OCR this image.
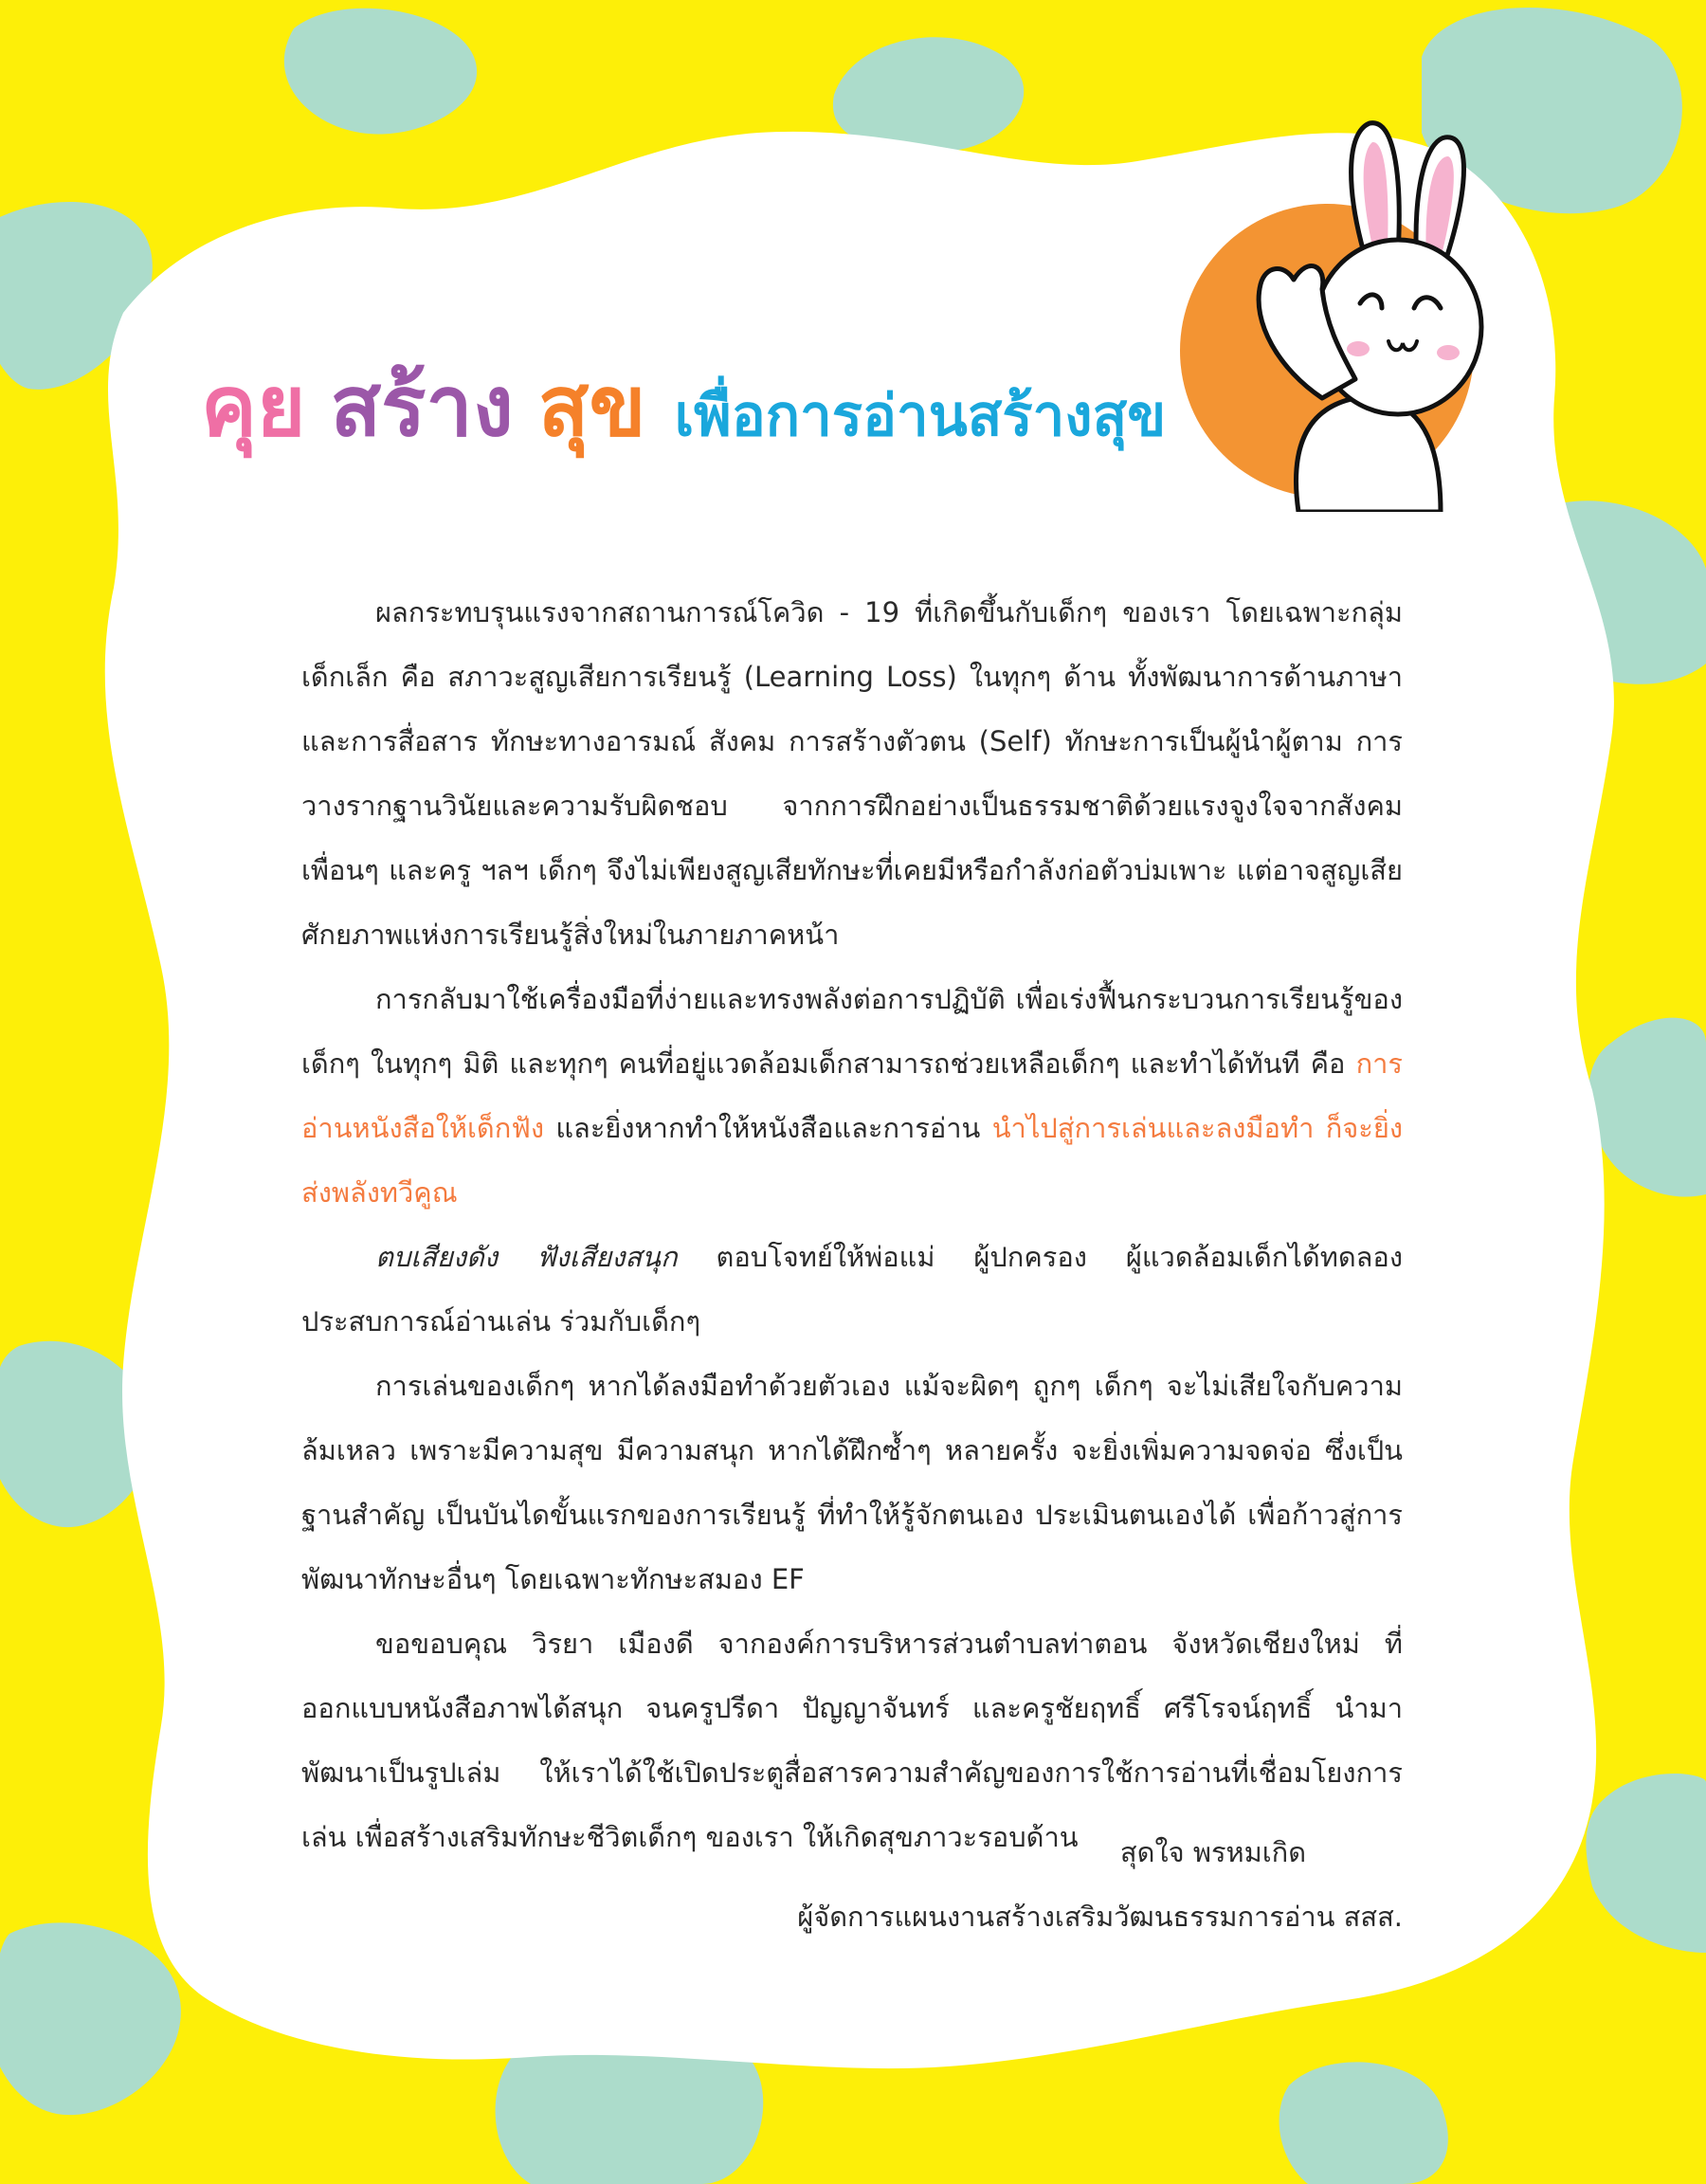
คุย สร้าง สุข เพื่อการอ่านสร้างสุข

ผลกระทบรุนแรงจากสถานการณ์โควิด - 19 ที่เกิดขึ้นกับเด็กๆ ของเรา โดยเฉพาะกลุ่มเด็กเล็ก คือ สภาวะสูญเสียการเรียนรู้ (Learning Loss) ในทุกๆ ด้าน ทั้งพัฒนาการด้านภาษาและการสื่อสาร ทักษะทางอารมณ์ สังคม การสร้างตัวตน (Self) ทักษะการเป็นผู้นำผู้ตาม การวางรากฐานวินัยและความรับผิดชอบ จากการฝึกอย่างเป็นธรรมชาติด้วยแรงจูงใจจากสังคม เพื่อนๆ และครู ฯลฯ เด็กๆ จึงไม่เพียงสูญเสียทักษะที่เคยมีหรือกำลังก่อตัวบ่มเพาะ แต่อาจสูญเสียศักยภาพแห่งการเรียนรู้สิ่งใหม่ในภายภาคหน้า

การกลับมาใช้เครื่องมือที่ง่ายและทรงพลังต่อการปฏิบัติ เพื่อเร่งฟื้นกระบวนการเรียนรู้ของเด็กๆ ในทุกๆ มิติ และทุกๆ คนที่อยู่แวดล้อมเด็กสามารถช่วยเหลือเด็กๆ และทำได้ทันที คือ การอ่านหนังสือให้เด็กฟัง และยิ่งหากทำให้หนังสือและการอ่าน นำไปสู่การเล่นและลงมือทำ ก็จะยิ่งส่งพลังทวีคูณ

ตบเสียงดัง ฟังเสียงสนุก ตอบโจทย์ให้พ่อแม่ ผู้ปกครอง ผู้แวดล้อมเด็กได้ทดลองประสบการณ์อ่านเล่น ร่วมกับเด็กๆ

การเล่นของเด็กๆ หากได้ลงมือทำด้วยตัวเอง แม้จะผิดๆ ถูกๆ เด็กๆ จะไม่เสียใจกับความล้มเหลว เพราะมีความสุข มีความสนุก หากได้ฝึกซ้ำๆ หลายครั้ง จะยิ่งเพิ่มความจดจ่อ ซึ่งเป็นฐานสำคัญ เป็นบันไดขั้นแรกของการเรียนรู้ ที่ทำให้รู้จักตนเอง ประเมินตนเองได้ เพื่อก้าวสู่การพัฒนาทักษะอื่นๆ โดยเฉพาะทักษะสมอง EF

ขอขอบคุณ วิรยา เมืองดี จากองค์การบริหารส่วนตำบลท่าตอน จังหวัดเชียงใหม่ ที่ออกแบบหนังสือภาพได้สนุก จนครูปรีดา ปัญญาจันทร์ และครูชัยฤทธิ์ ศรีโรจน์ฤทธิ์ นำมาพัฒนาเป็นรูปเล่ม ให้เราได้ใช้เปิดประตูสื่อสารความสำคัญของการใช้การอ่านที่เชื่อมโยงการเล่น เพื่อสร้างเสริมทักษะชีวิตเด็กๆ ของเรา ให้เกิดสุขภาวะรอบด้าน	สุดใจ พรหมเกิด
ผู้จัดการแผนงานสร้างเสริมวัฒนธรรมการอ่าน สสส.
